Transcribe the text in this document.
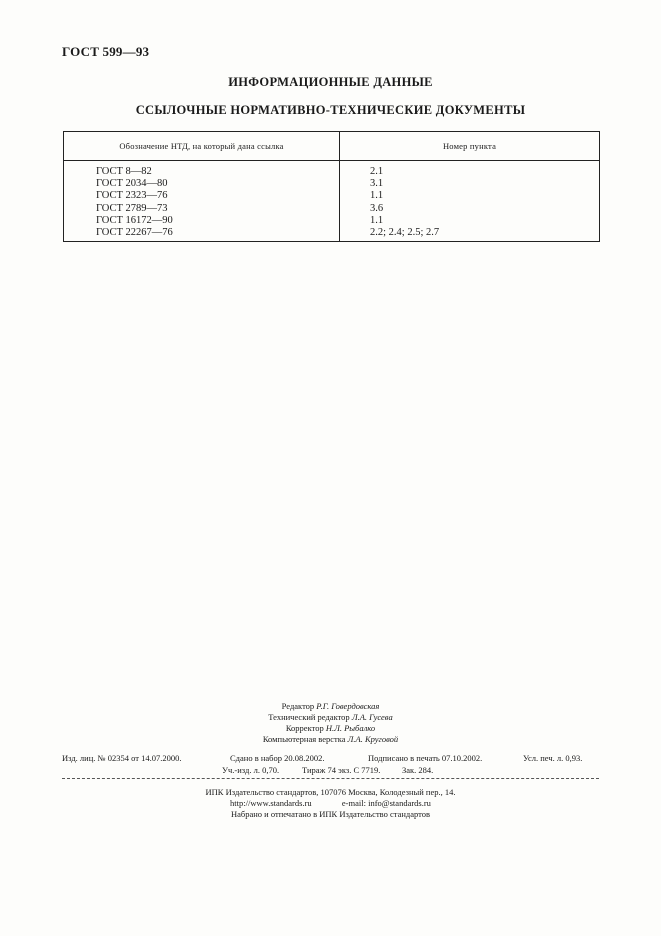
ГОСТ 599—93
ИНФОРМАЦИОННЫЕ ДАННЫЕ
ССЫЛОЧНЫЕ НОРМАТИВНО-ТЕХНИЧЕСКИЕ ДОКУМЕНТЫ
Обозначение НТД, на который дана ссылка	Номер пункта
ГОСТ 8—82	2.1
ГОСТ 2034—80	3.1
ГОСТ 2323—76	1.1
ГОСТ 2789—73	3.6
ГОСТ 16172—90	1.1
ГОСТ 22267—76	2.2; 2.4; 2.5; 2.7
Редактор Р.Г. Говердовская
Технический редактор Л.А. Гусева
Корректор Н.Л. Рыбалко
Компьютерная верстка Л.А. Круговой
Изд. лиц. № 02354 от 14.07.2000.	Сдано в набор 20.08.2002.	Подписано в печать 07.10.2002.	Усл. печ. л. 0,93.
Уч.-изд. л. 0,70.	Тираж 74 экз. С 7719.	Зак. 284.
ИПК Издательство стандартов, 107076 Москва, Колодезный пер., 14.
http://www.standards.ru	e-mail: info@standards.ru
Набрано и отпечатано в ИПК Издательство стандартов
